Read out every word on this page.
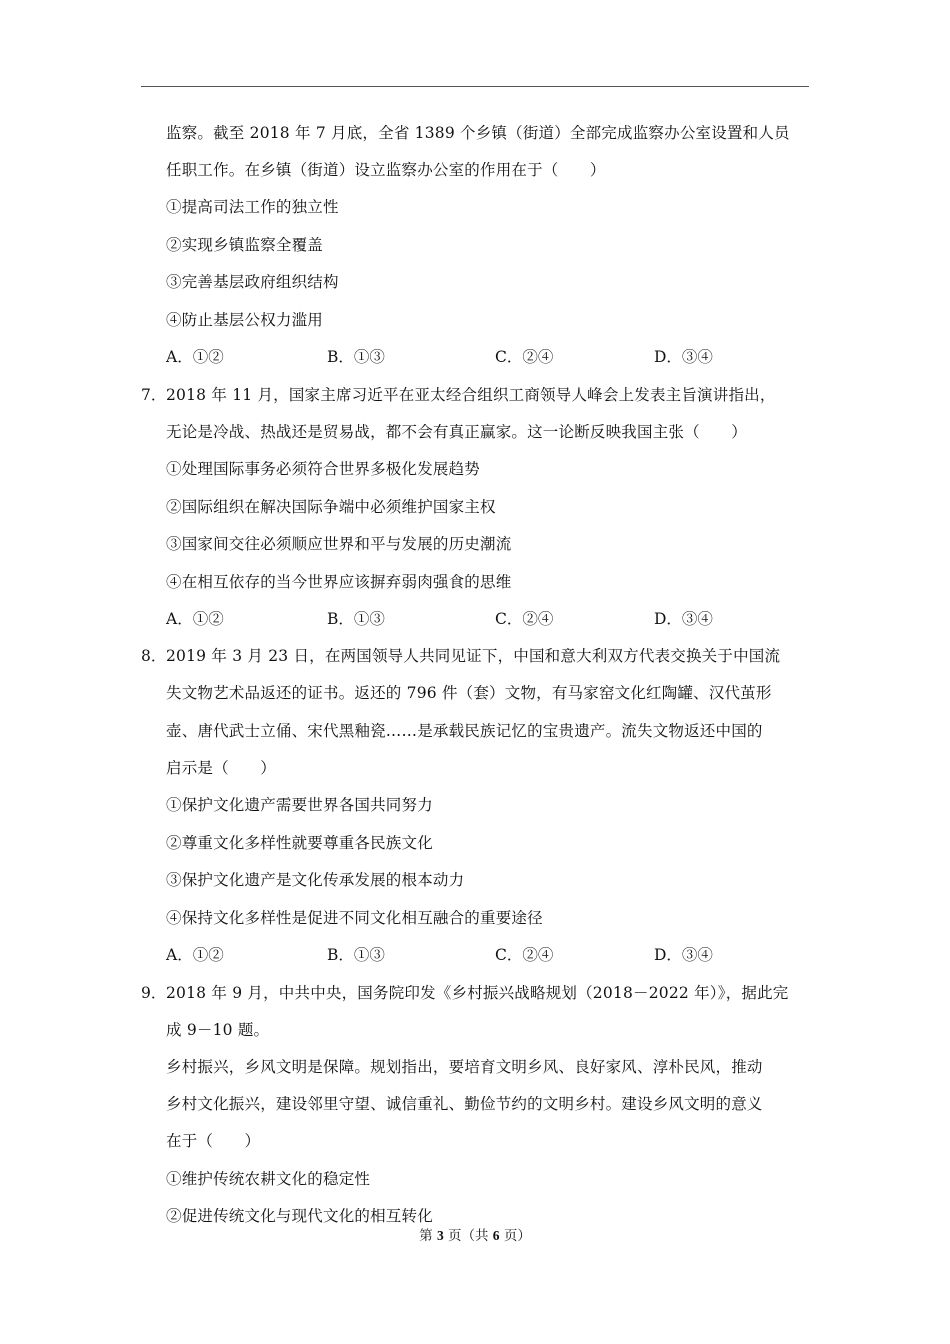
监察。截至 2018 年 7 月底，全省 1389 个乡镇（街道）全部完成监察办公室设置和人员
任职工作。在乡镇（街道）设立监察办公室的作用在于（　　）
①提高司法工作的独立性
②实现乡镇监察全覆盖
③完善基层政府组织结构
④防止基层公权力滥用
A．①②	B．①③	C．②④	D．③④
7． 2018 年 11 月，国家主席习近平在亚太经合组织工商领导人峰会上发表主旨演讲指出，
无论是冷战、热战还是贸易战，都不会有真正赢家。这一论断反映我国主张（　　）
①处理国际事务必须符合世界多极化发展趋势
②国际组织在解决国际争端中必须维护国家主权
③国家间交往必须顺应世界和平与发展的历史潮流
④在相互依存的当今世界应该摒弃弱肉强食的思维
A．①②	B．①③	C．②④	D．③④
8． 2019 年 3 月 23 日，在两国领导人共同见证下，中国和意大利双方代表交换关于中国流
失文物艺术品返还的证书。返还的 796 件（套）文物，有马家窑文化红陶罐、汉代茧形
壶、唐代武士立俑、宋代黑釉瓷……是承载民族记忆的宝贵遗产。流失文物返还中国的
启示是（　　）
①保护文化遗产需要世界各国共同努力
②尊重文化多样性就要尊重各民族文化
③保护文化遗产是文化传承发展的根本动力
④保持文化多样性是促进不同文化相互融合的重要途径
A．①②	B．①③	C．②④	D．③④
9． 2018 年 9 月，中共中央，国务院印发《乡村振兴战略规划（2018－2022 年）》，据此完
成 9－10 题。
乡村振兴，乡风文明是保障。规划指出，要培育文明乡风、良好家风、淳朴民风，推动
乡村文化振兴，建设邻里守望、诚信重礼、勤俭节约的文明乡村。建设乡风文明的意义
在于（　　）
①维护传统农耕文化的稳定性
②促进传统文化与现代文化的相互转化
第 3 页（共 6 页）
